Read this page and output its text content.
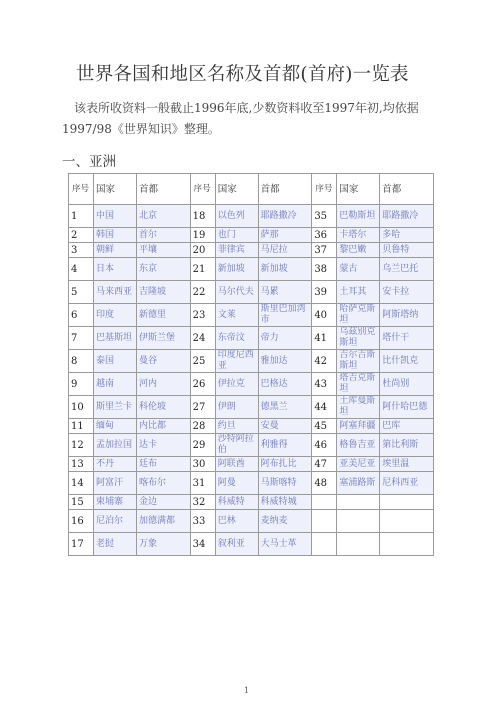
世界各国和地区名称及首都(首府)一览表

该表所收资料一般截止1996年底,少数资料收至1997年初,均依据1997/98《世界知识》整理。

一、亚洲
序号	国家	首都	序号	国家	首都	序号	国家	首都
1	中国	北京	18	以色列	耶路撒冷	35	巴勒斯坦	耶路撒冷
2	韩国	首尔	19	也门	萨那	36	卡塔尔	多哈
3	朝鲜	平壤	20	菲律宾	马尼拉	37	黎巴嫩	贝鲁特
4	日本	东京	21	新加坡	新加坡	38	蒙古	乌兰巴托
5	马来西亚	吉隆坡	22	马尔代夫	马累	39	土耳其	安卡拉
6	印度	新德里	23	文莱	斯里巴加湾市	40	哈萨克斯坦	阿斯塔纳
7	巴基斯坦	伊斯兰堡	24	东帝汶	帝力	41	乌兹别克斯坦	塔什干
8	泰国	曼谷	25	印度尼西亚	雅加达	42	吉尔吉斯斯坦	比什凯克
9	越南	河内	26	伊拉克	巴格达	43	塔吉克斯坦	杜尚别
10	斯里兰卡	科伦坡	27	伊朗	德黑兰	44	土库曼斯坦	阿什哈巴德
11	缅甸	内比都	28	约旦	安曼	45	阿塞拜疆	巴库
12	孟加拉国	达卡	29	沙特阿拉伯	利雅得	46	格鲁吉亚	第比利斯
13	不丹	廷布	30	阿联酋	阿布扎比	47	亚美尼亚	埃里温
14	阿富汗	喀布尔	31	阿曼	马斯喀特	48	塞浦路斯	尼科西亚
15	柬埔寨	金边	32	科威特	科威特城			
16	尼泊尔	加德满都	33	巴林	麦纳麦			
17	老挝	万象	34	叙利亚	大马士革			
1
